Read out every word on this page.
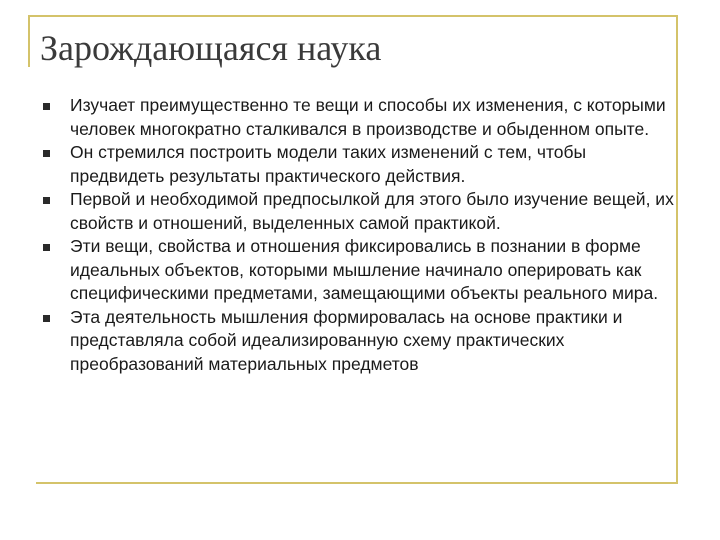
Зарождающаяся наука
Изучает преимущественно те вещи и способы их изменения, с которыми человек многократно сталкивался в производстве и обыденном опыте.
Он стремился построить модели таких изменений с тем, чтобы предвидеть результаты практического действия.
Первой и необходимой предпосылкой для этого было изучение вещей, их свойств и отношений, выделенных самой практикой.
Эти вещи, свойства и отношения фиксировались в познании в форме идеальных объектов, которыми мышление начинало оперировать как специфическими предметами, замещающими объекты реального мира.
Эта деятельность мышления формировалась на основе практики и представляла собой идеализированную схему практических преобразований материальных предметов
